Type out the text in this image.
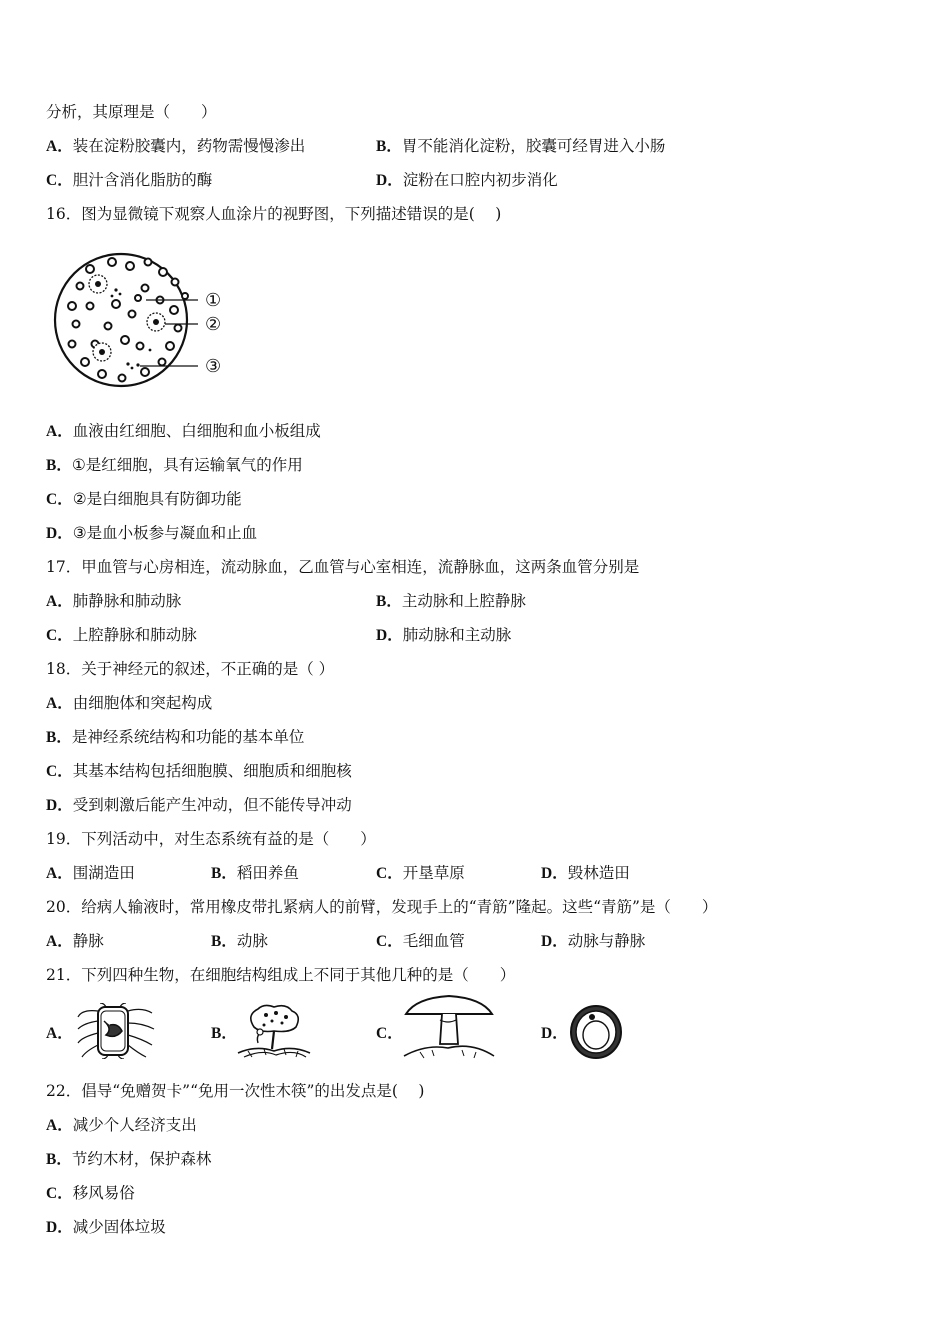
分析，其原理是（　　）
A．装在淀粉胶囊内，药物需慢慢渗出	B．胃不能消化淀粉，胶囊可经胃进入小肠
C．胆汁含消化脂肪的酶	D．淀粉在口腔内初步消化
16．图为显微镜下观察人血涂片的视野图，下列描述错误的是(　 )
①
②
③
A．血液由红细胞、白细胞和血小板组成
B．①是红细胞，具有运输氧气的作用
C．②是白细胞具有防御功能
D．③是血小板参与凝血和止血
17．甲血管与心房相连，流动脉血，乙血管与心室相连，流静脉血，这两条血管分别是
A．肺静脉和肺动脉	B．主动脉和上腔静脉
C．上腔静脉和肺动脉	D．肺动脉和主动脉
18．关于神经元的叙述，不正确的是（ ）
A．由细胞体和突起构成
B．是神经系统结构和功能的基本单位
C．其基本结构包括细胞膜、细胞质和细胞核
D．受到刺激后能产生冲动，但不能传导冲动
19．下列活动中，对生态系统有益的是（　　）
A．围湖造田	B．稻田养鱼	C．开垦草原	D．毁林造田
20．给病人输液时，常用橡皮带扎紧病人的前臂，发现手上的“青筋”隆起。这些“青筋”是（　　）
A．静脉	B．动脉	C．毛细血管	D．动脉与静脉
21．下列四种生物，在细胞结构组成上不同于其他几种的是（　　）
A．	B．	C．	D．
22．倡导“免赠贺卡”“免用一次性木筷”的出发点是(　 )
A．减少个人经济支出
B．节约木材，保护森林
C．移风易俗
D．减少固体垃圾
